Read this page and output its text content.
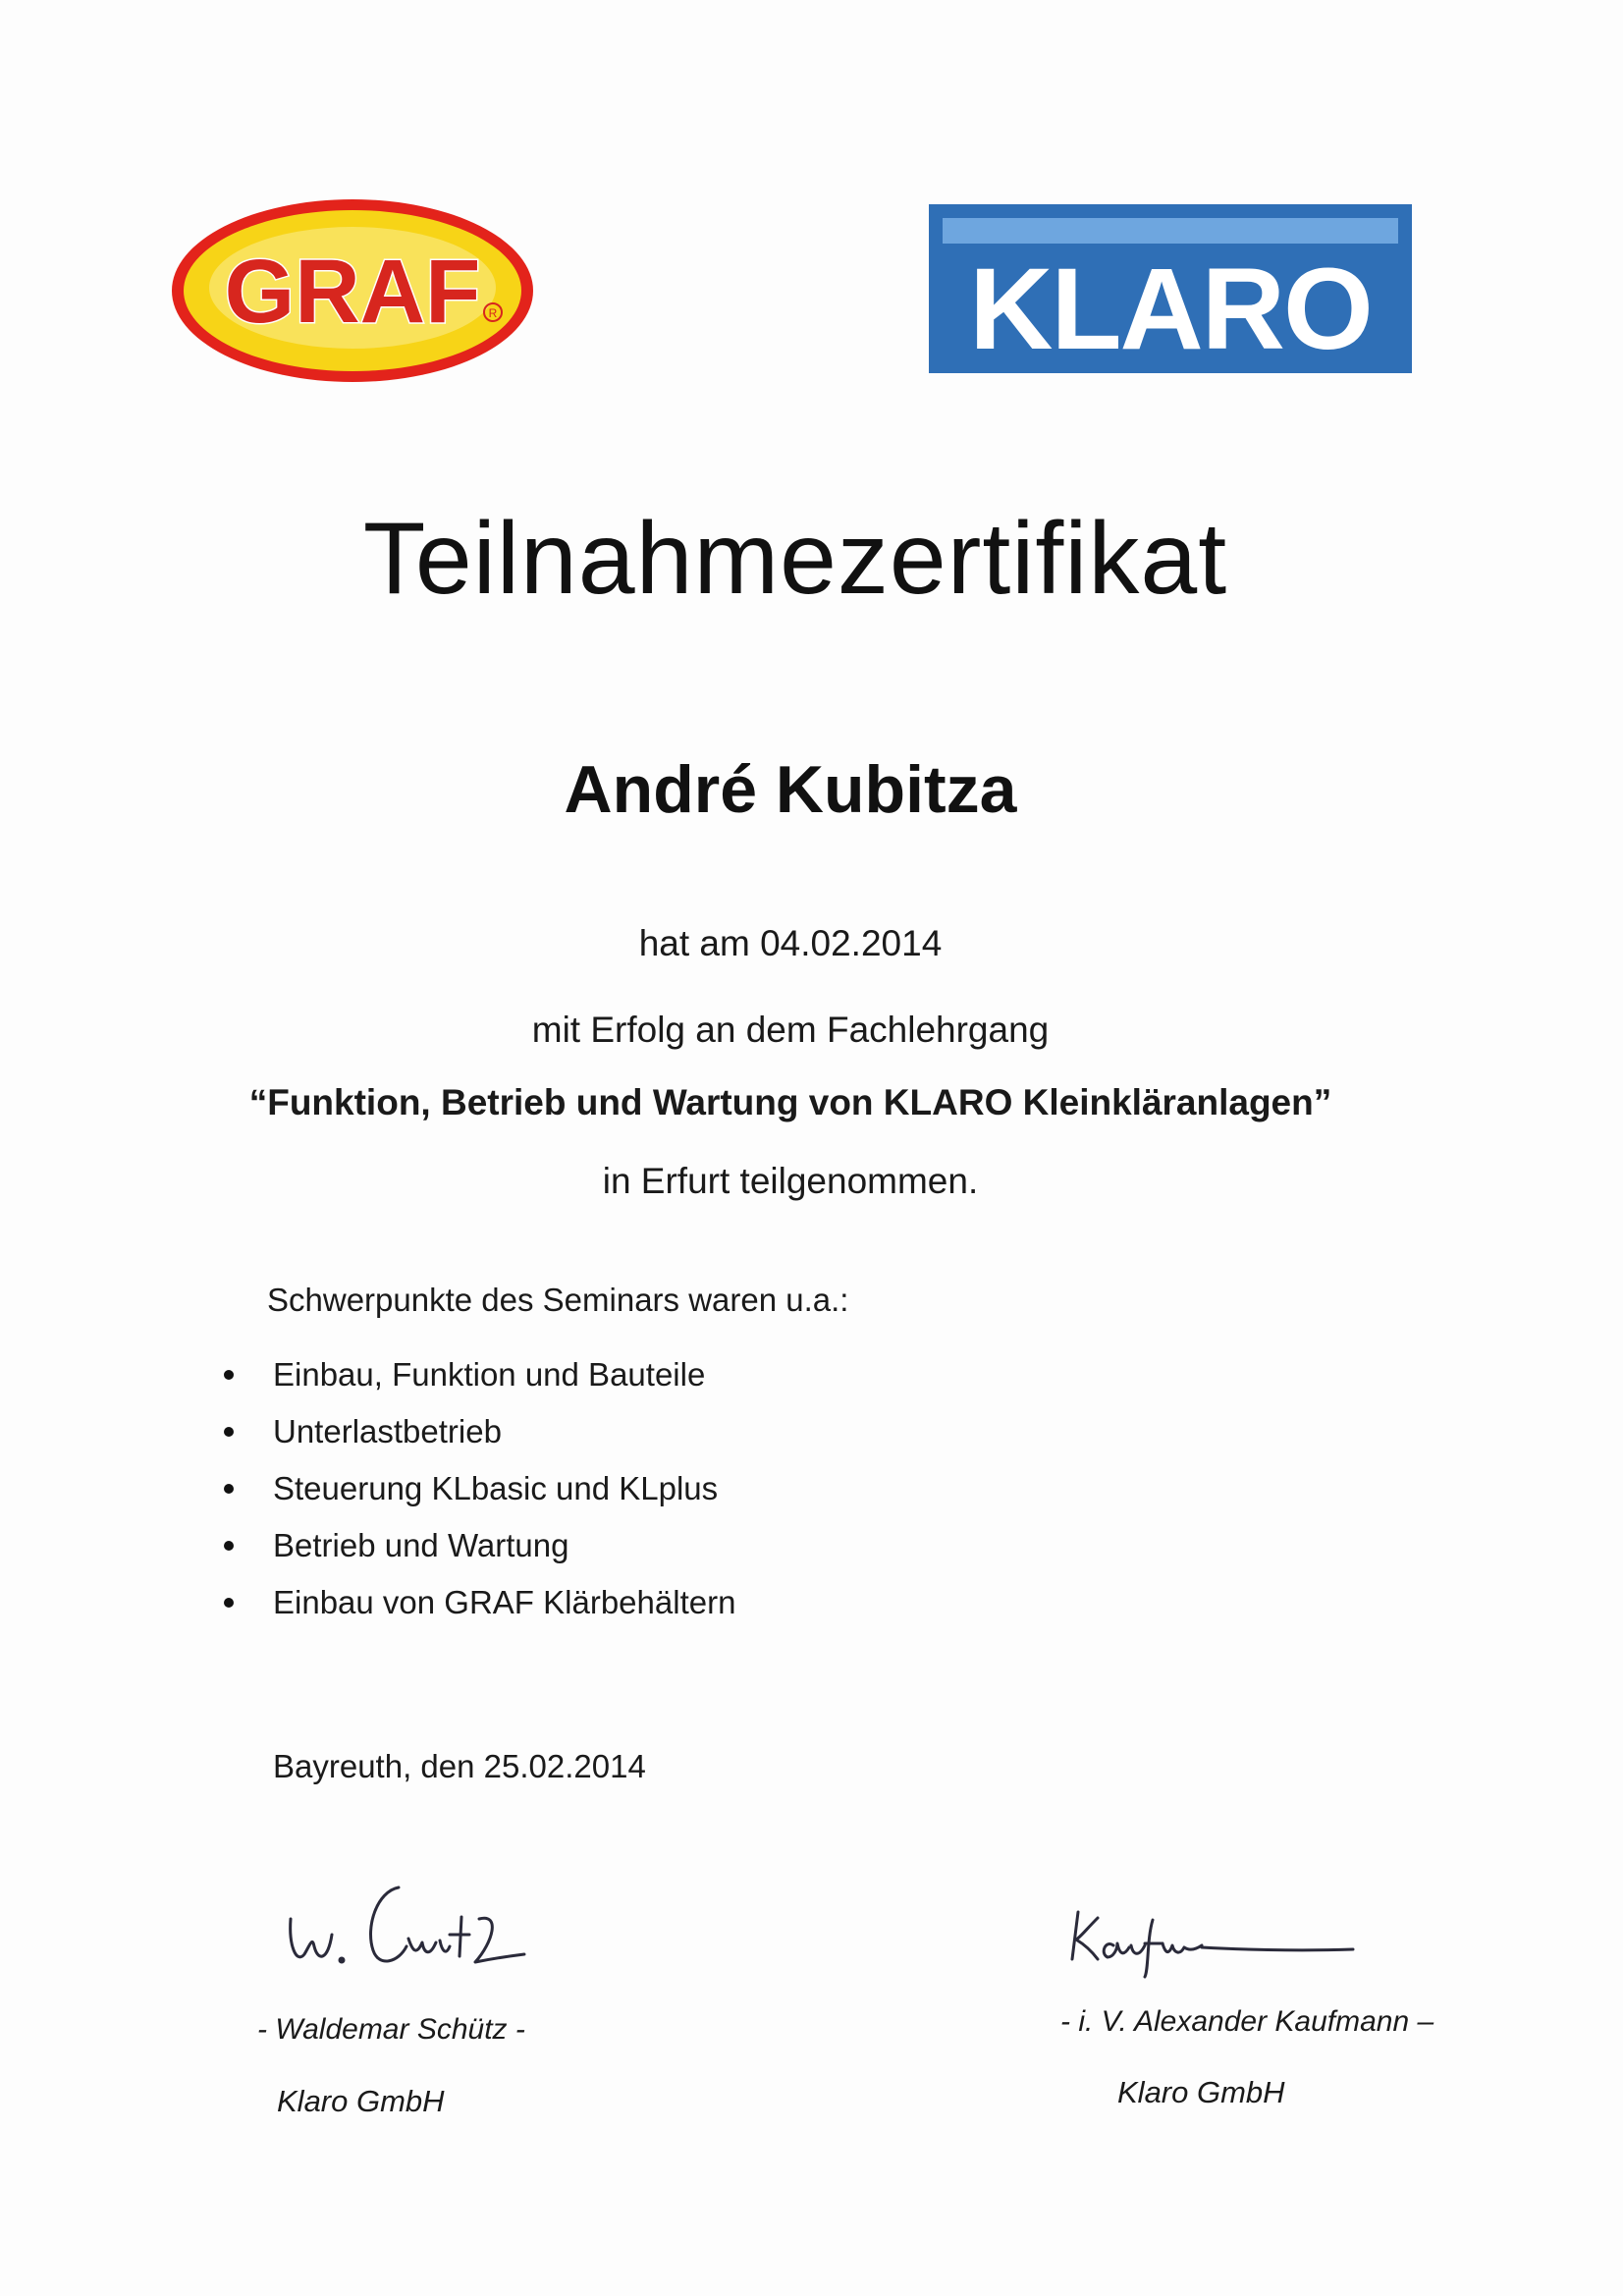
GRAF R	KLARO
Teilnahmezertifikat
André Kubitza
hat am 04.02.2014
mit Erfolg an dem Fachlehrgang
“Funktion, Betrieb und Wartung von KLARO Kleinkläranlagen”
in Erfurt teilgenommen.
Schwerpunkte des Seminars waren u.a.:
Einbau, Funktion und Bauteile
Unterlastbetrieb
Steuerung KLbasic und KLplus
Betrieb und Wartung
Einbau von GRAF Klärbehältern
Bayreuth, den 25.02.2014
- Waldemar Schütz -
Klaro GmbH
- i. V. Alexander Kaufmann –
Klaro GmbH
